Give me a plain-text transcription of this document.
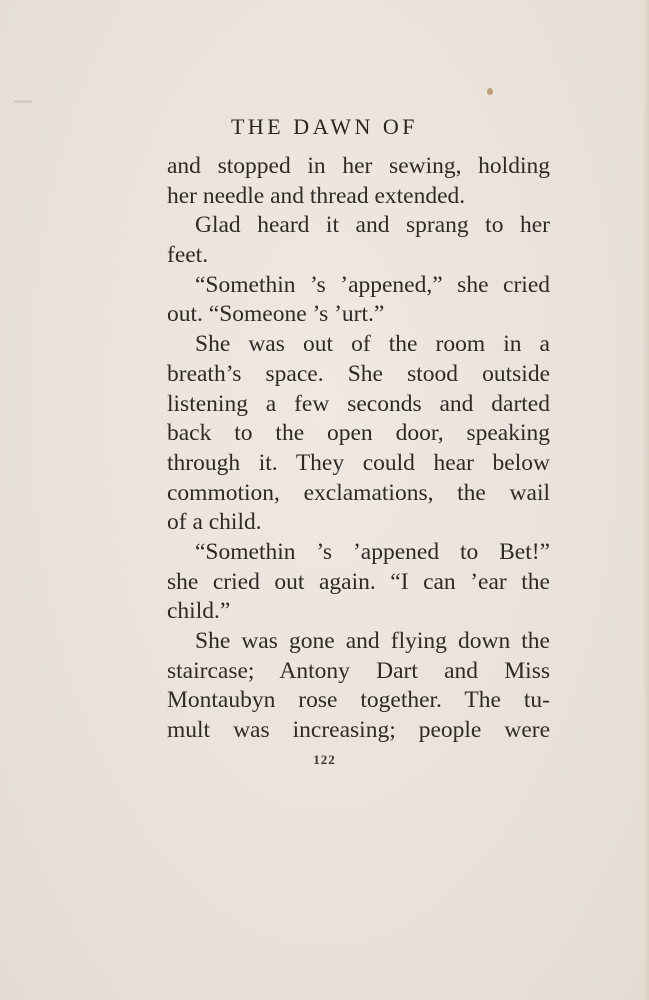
THE DAWN OF
and stopped in her sewing, holding
her needle and thread extended.
Glad heard it and sprang to her
feet.
“Somethin ’s ’appened,” she cried
out. “Someone ’s ’urt.”
She was out of the room in a
breath’s space. She stood outside
listening a few seconds and darted
back to the open door, speaking
through it. They could hear below
commotion, exclamations, the wail
of a child.
“Somethin ’s ’appened to Bet!”
she cried out again. “I can ’ear the
child.”
She was gone and flying down the
staircase; Antony Dart and Miss
Montaubyn rose together. The tu-
mult was increasing; people were
122
